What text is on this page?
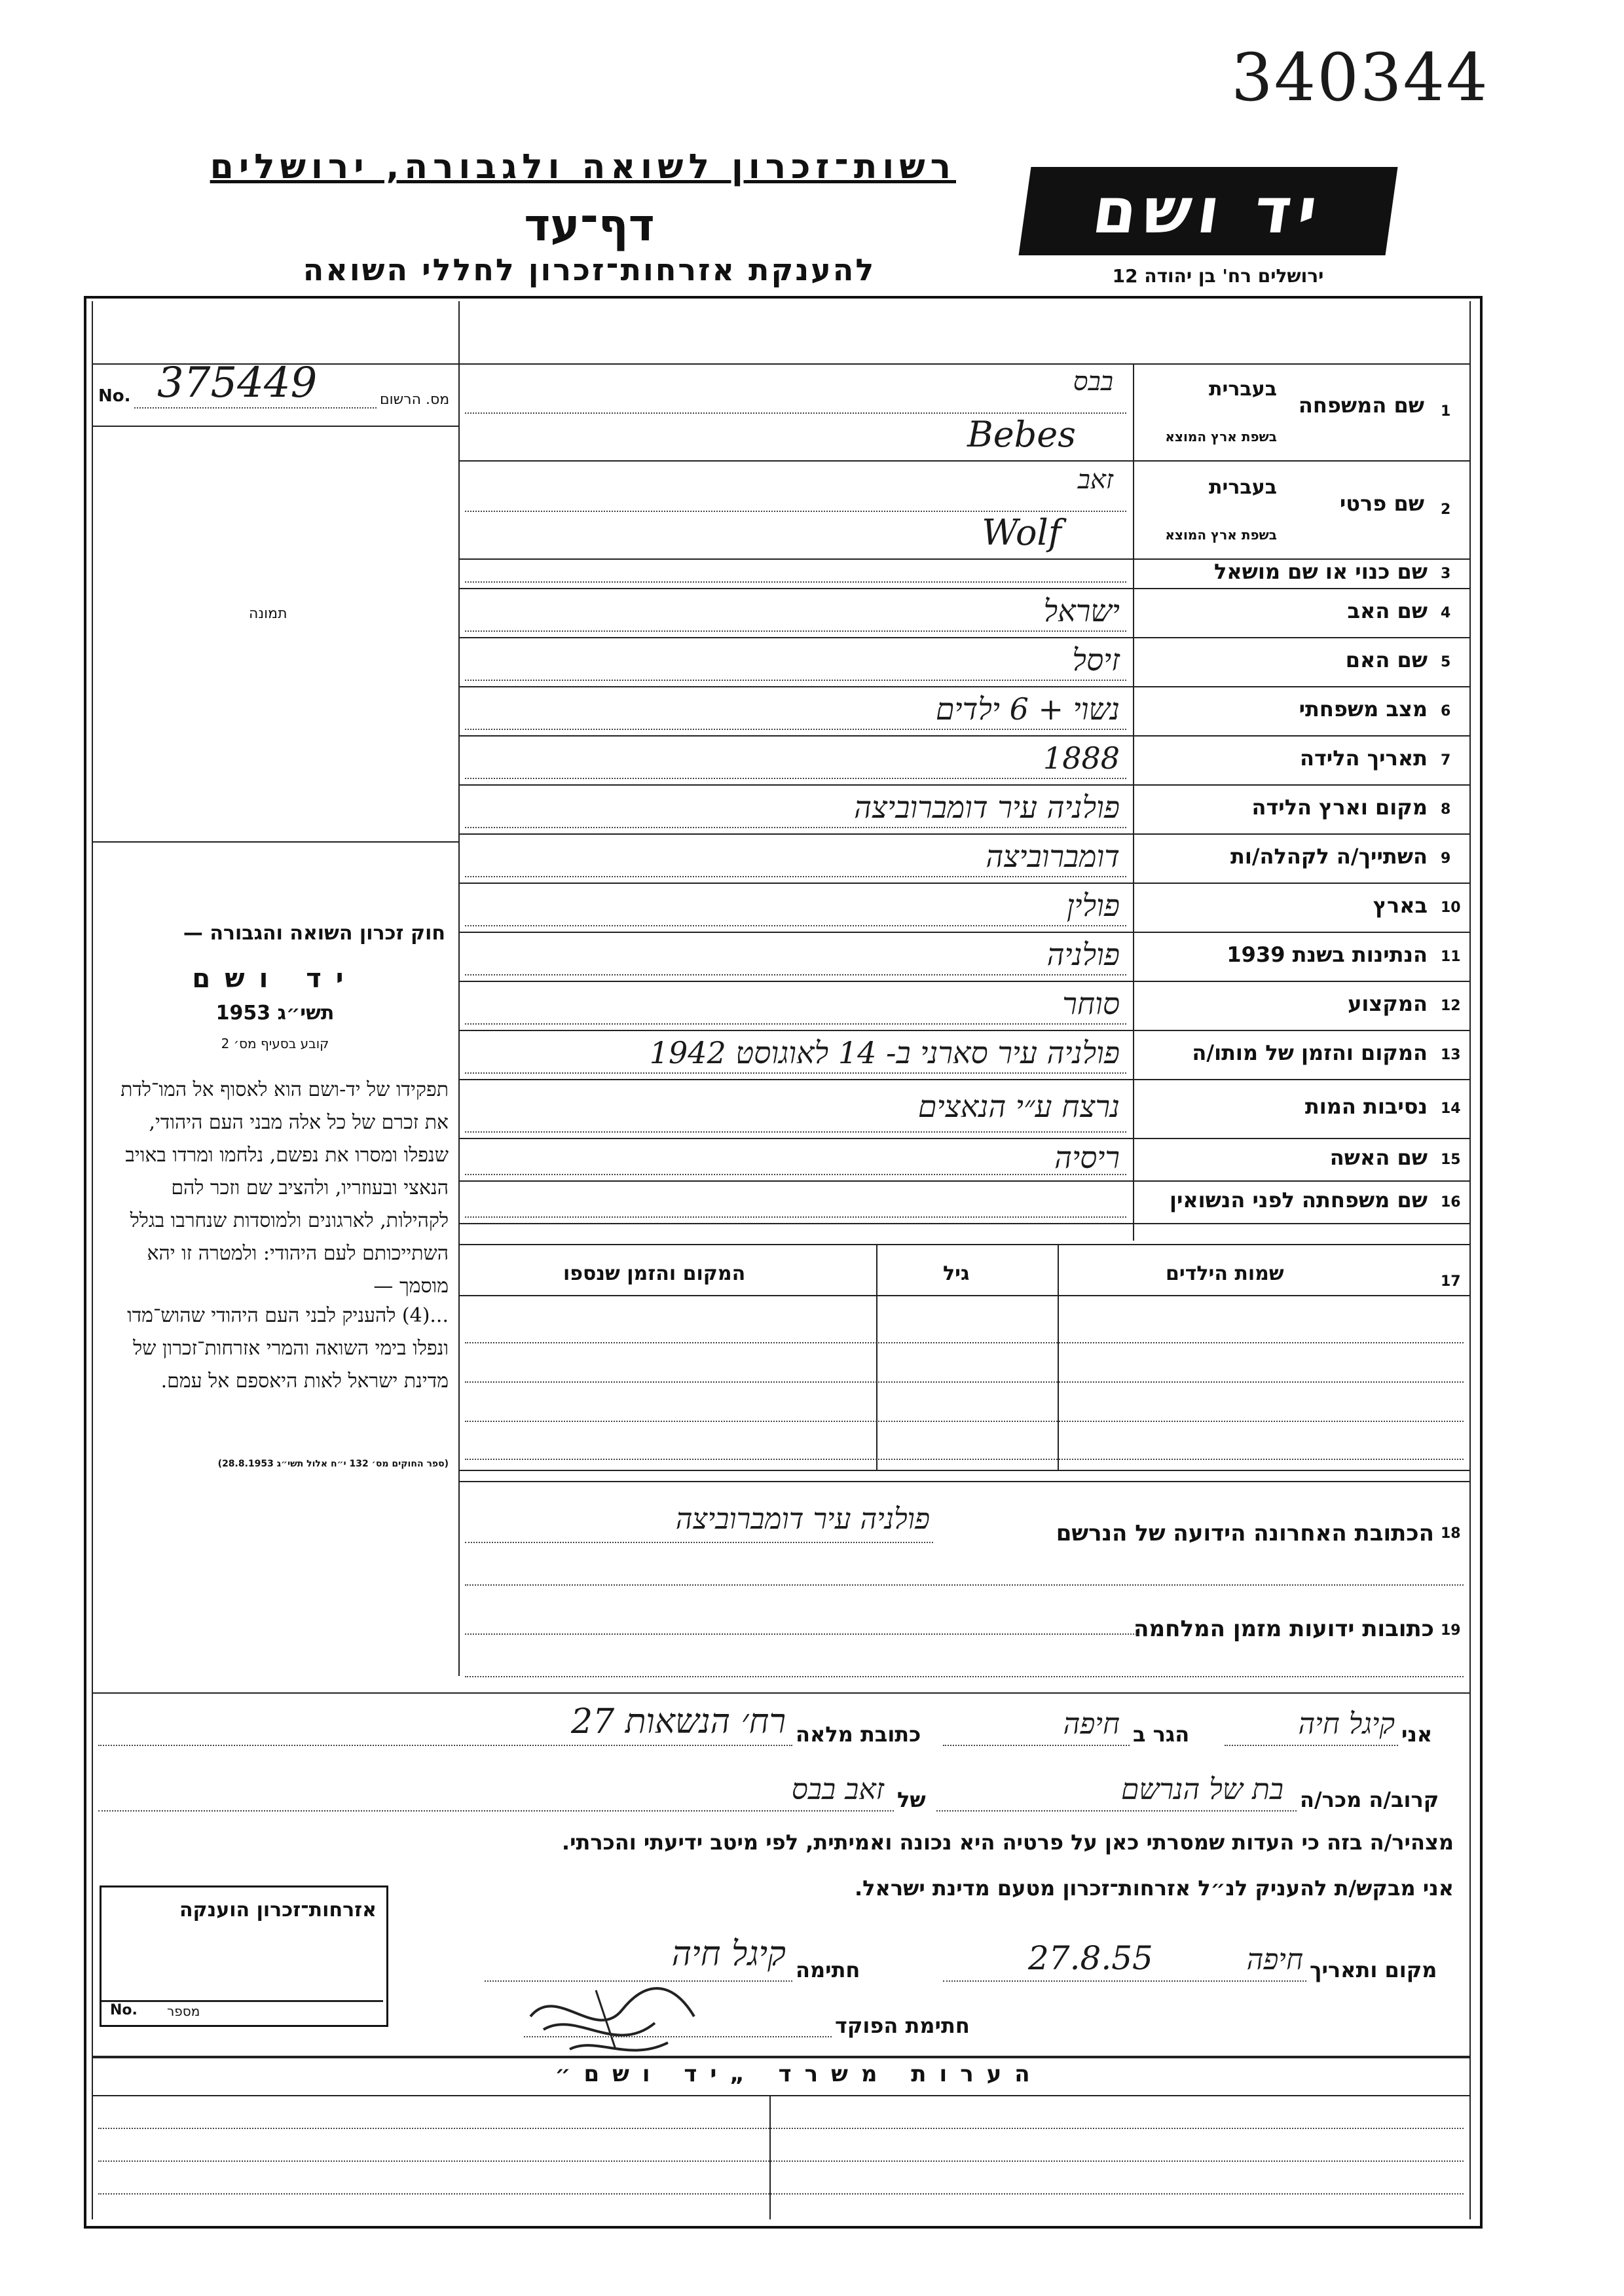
340344
רשות־זכרון לשואה ולגבורה, ירושלים
דף־עד
להענקת אזרחות־זכרון לחללי השואה
יד ושם
ירושלים רח' בן יהודה 12
מס. הרשום
No. 375449
תמונה
חוק זכרון השואה והגבורה —
יד ושם
תשי״ג 1953
קובע בסעיף מס׳ 2
תפקידו של יד-ושם הוא לאסוף אל המו־לדת את זכרם של כל אלה מבני העם היהודי, שנפלו ומסרו את נפשם, נלחמו ומרדו באויב הנאצי ובעוזריו, ולהציב שם וזכר להם לקהילות, לארגונים ולמוסדות שנחרבו בגלל השתייכותם לעם היהודי: ולמטרה זו יהא מוסמך —
...(4) להעניק לבני העם היהודי שהוש־מדו ונפלו בימי השואה והמרי אזרחות־זכרון של מדינת ישראל לאות היאספם אל עמם.
(ספר החוקים מס׳ 132 י״ח אלול תשי״ג 28.8.1953)
1
בעברית
בשפת ארץ המוצא
בבס
Bebes
שם המשפחה
2
בעברית
בשפת ארץ המוצא
זאב
Wolf
שם פרטי
3
שם כנוי או שם מושאל
4
ישראל	שם האב
5
זיסל	שם האם
6
נשוי + 6 ילדים	מצב משפחתי
7
1888	תאריך הלידה
8
פולניה עיר דומברוביצה	מקום וארץ הלידה
9
דומברוביצה	השתייך/ה לקהלה/ות
10
פולין	בארץ
11
פולניה	הנתינות בשנת 1939
12
סוחר	המקצוע
13
פולניה עיר סארני ב- 14 לאוגוסט 1942	המקום והזמן של מותו/ה
14
נרצח ע״י הנאצים	נסיבות המות
15
ריסיה	שם האשה
16
שם משפחתה לפני הנשואין
17
שמות הילדים
גיל
המקום והזמן שנספו
18
הכתובת האחרונה הידועה של הנרשם
פולניה עיר דומברוביצה
19
כתובות ידועות מזמן המלחמה
אני
קיגל חיה
הגר ב
חיפה
כתובת מלאה
רח׳ הנשאות 27
קרוב/ה מכר/ה
בת של הנרשם
של
זאב בבס
מצהיר/ה בזה כי העדות שמסרתי כאן על פרטיה היא נכונה ואמיתית, לפי מיטב ידיעתי והכרתי.
אני מבקש/ת להעניק לנ״ל אזרחות־זכרון מטעם מדינת ישראל.
אזרחות־זכרון הוענקה
מספר
No.
מקום ותאריך
חיפה
27.8.55
חתימה
קיגל חיה
חתימת הפוקד
הערות משרד „יד ושם״
